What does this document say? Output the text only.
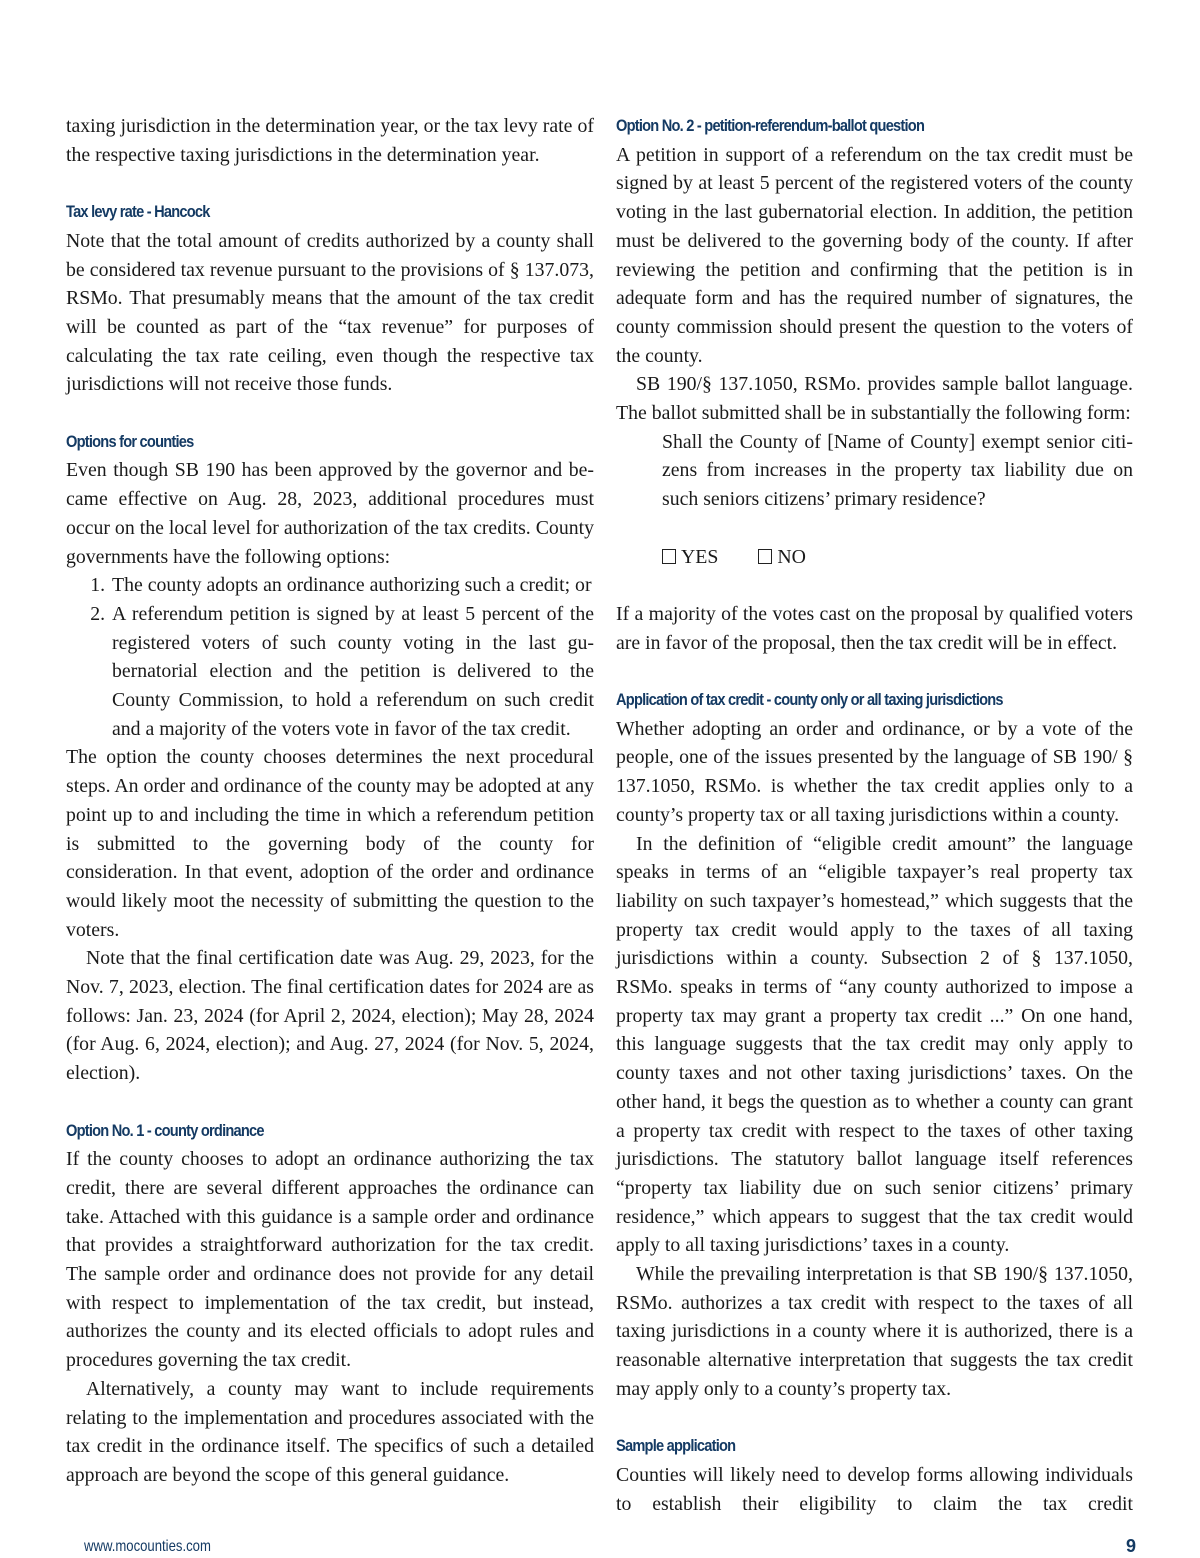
taxing jurisdiction in the determination year, or the tax levy rate of the respective taxing jurisdictions in the determination year.

Tax levy rate - Hancock

Note that the total amount of credits authorized by a county shall be considered tax revenue pursuant to the provisions of § 137.073, RSMo. That presumably means that the amount of the tax credit will be counted as part of the “tax revenue” for purposes of calculating the tax rate ceiling, even though the respective tax jurisdictions will not receive those funds.

Options for counties

Even though SB 190 has been approved by the governor and became effective on Aug. 28, 2023, additional procedures must occur on the local level for authorization of the tax credits. County governments have the following options:

1. The county adopts an ordinance authorizing such a credit; or
2. A referendum petition is signed by at least 5 percent of the registered voters of such county voting in the last gubernatorial election and the petition is delivered to the County Commission, to hold a referendum on such credit and a majority of the voters vote in favor of the tax credit.

The option the county chooses determines the next procedural steps. An order and ordinance of the county may be adopted at any point up to and including the time in which a referendum petition is submitted to the governing body of the county for consideration. In that event, adoption of the order and ordinance would likely moot the necessity of submitting the question to the voters.

Note that the final certification date was Aug. 29, 2023, for the Nov. 7, 2023, election. The final certification dates for 2024 are as follows: Jan. 23, 2024 (for April 2, 2024, election); May 28, 2024 (for Aug. 6, 2024, election); and Aug. 27, 2024 (for Nov. 5, 2024, election).

Option No. 1 - county ordinance

If the county chooses to adopt an ordinance authorizing the tax credit, there are several different approaches the ordinance can take. Attached with this guidance is a sample order and ordinance that provides a straightforward authorization for the tax credit. The sample order and ordinance does not provide for any detail with respect to implementation of the tax credit, but instead, authorizes the county and its elected officials to adopt rules and procedures governing the tax credit.

Alternatively, a county may want to include requirements relating to the implementation and procedures associated with the tax credit in the ordinance itself. The specifics of such a detailed approach are beyond the scope of this general guidance.

Option No. 2 - petition-referendum-ballot question

A petition in support of a referendum on the tax credit must be signed by at least 5 percent of the registered voters of the county voting in the last gubernatorial election. In addition, the petition must be delivered to the governing body of the county. If after reviewing the petition and confirming that the petition is in adequate form and has the required number of signatures, the county commission should present the question to the voters of the county.

SB 190/§ 137.1050, RSMo. provides sample ballot language. The ballot submitted shall be in substantially the following form:

Shall the County of [Name of County] exempt senior citizens from increases in the property tax liability due on such seniors citizens’ primary residence?

YES	NO

If a majority of the votes cast on the proposal by qualified voters are in favor of the proposal, then the tax credit will be in effect.

Application of tax credit - county only or all taxing jurisdictions

Whether adopting an order and ordinance, or by a vote of the people, one of the issues presented by the language of SB 190/ § 137.1050, RSMo. is whether the tax credit applies only to a county’s property tax or all taxing jurisdictions within a county.

In the definition of “eligible credit amount” the language speaks in terms of an “eligible taxpayer’s real property tax liability on such taxpayer’s homestead,” which suggests that the property tax credit would apply to the taxes of all taxing jurisdictions within a county. Subsection 2 of § 137.1050, RSMo. speaks in terms of “any county authorized to impose a property tax may grant a property tax credit ...” On one hand, this language suggests that the tax credit may only apply to county taxes and not other taxing jurisdictions’ taxes. On the other hand, it begs the question as to whether a county can grant a property tax credit with respect to the taxes of other taxing jurisdictions. The statutory ballot language itself references “property tax liability due on such senior citizens’ primary residence,” which appears to suggest that the tax credit would apply to all taxing jurisdictions’ taxes in a county.

While the prevailing interpretation is that SB 190/§ 137.1050, RSMo. authorizes a tax credit with respect to the taxes of all taxing jurisdictions in a county where it is authorized, there is a reasonable alternative interpretation that suggests the tax credit may apply only to a county’s property tax.

Sample application

Counties will likely need to develop forms allowing individuals to establish their eligibility to claim the tax credit

www.mocounties.com	9
